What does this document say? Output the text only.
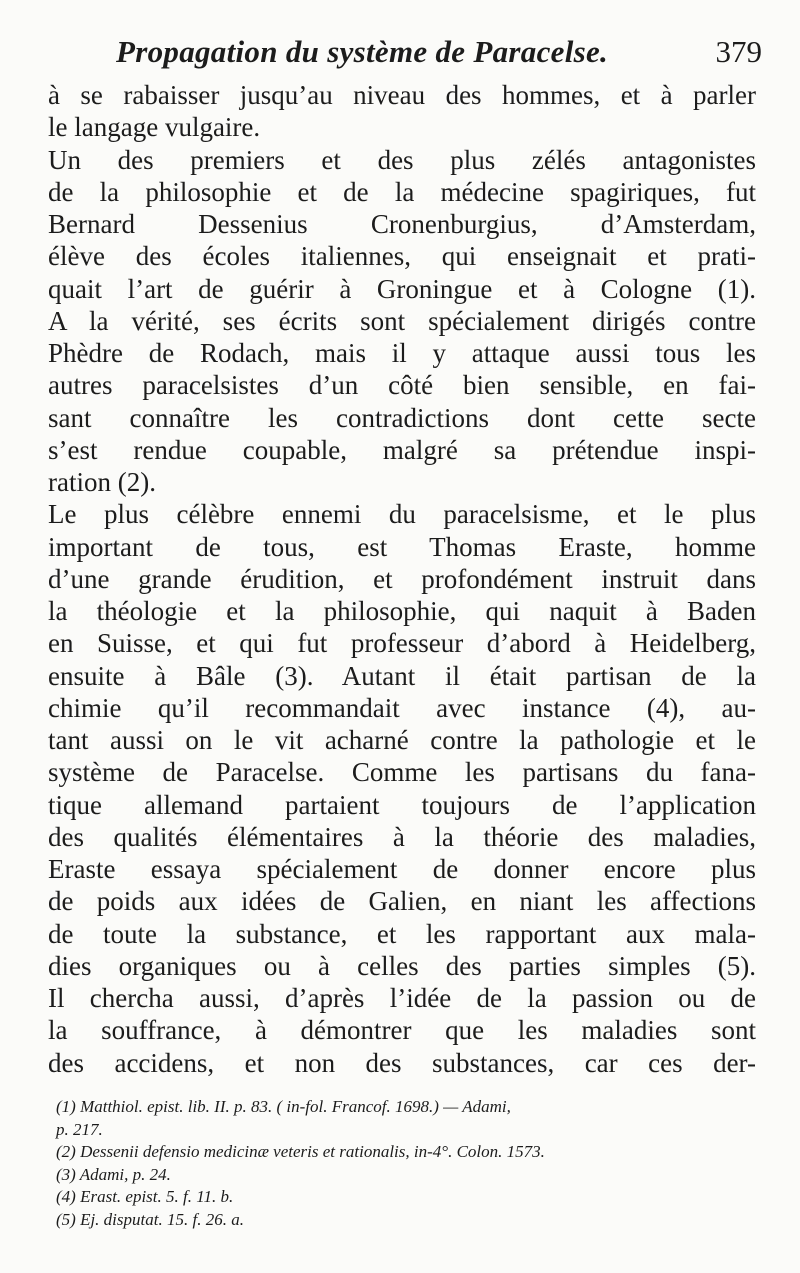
Propagation du système de Paracelse.	379
à se rabaisser jusqu’au niveau des hommes, et à parler
le langage vulgaire.
Un des premiers et des plus zélés antagonistes
de la philosophie et de la médecine spagiriques, fut
Bernard Dessenius Cronenburgius, d’Amsterdam,
élève des écoles italiennes, qui enseignait et prati-
quait l’art de guérir à Groningue et à Cologne (1).
A la vérité, ses écrits sont spécialement dirigés contre
Phèdre de Rodach, mais il y attaque aussi tous les
autres paracelsistes d’un côté bien sensible, en fai-
sant connaître les contradictions dont cette secte
s’est rendue coupable, malgré sa prétendue inspi-
ration (2).
Le plus célèbre ennemi du paracelsisme, et le plus
important de tous, est Thomas Eraste, homme
d’une grande érudition, et profondément instruit dans
la théologie et la philosophie, qui naquit à Baden
en Suisse, et qui fut professeur d’abord à Heidelberg,
ensuite à Bâle (3). Autant il était partisan de la
chimie qu’il recommandait avec instance (4), au-
tant aussi on le vit acharné contre la pathologie et le
système de Paracelse. Comme les partisans du fana-
tique allemand partaient toujours de l’application
des qualités élémentaires à la théorie des maladies,
Eraste essaya spécialement de donner encore plus
de poids aux idées de Galien, en niant les affections
de toute la substance, et les rapportant aux mala-
dies organiques ou à celles des parties simples (5).
Il chercha aussi, d’après l’idée de la passion ou de
la souffrance, à démontrer que les maladies sont
des accidens, et non des substances, car ces der-
(1) Matthiol. epist. lib. II. p. 83. ( in-fol. Francof. 1698.) — Adami,
p. 217.
(2) Dessenii defensio medicinæ veteris et rationalis, in-4°. Colon. 1573.
(3) Adami, p. 24.
(4) Erast. epist. 5. f. 11. b.
(5) Ej. disputat. 15. f. 26. a.
